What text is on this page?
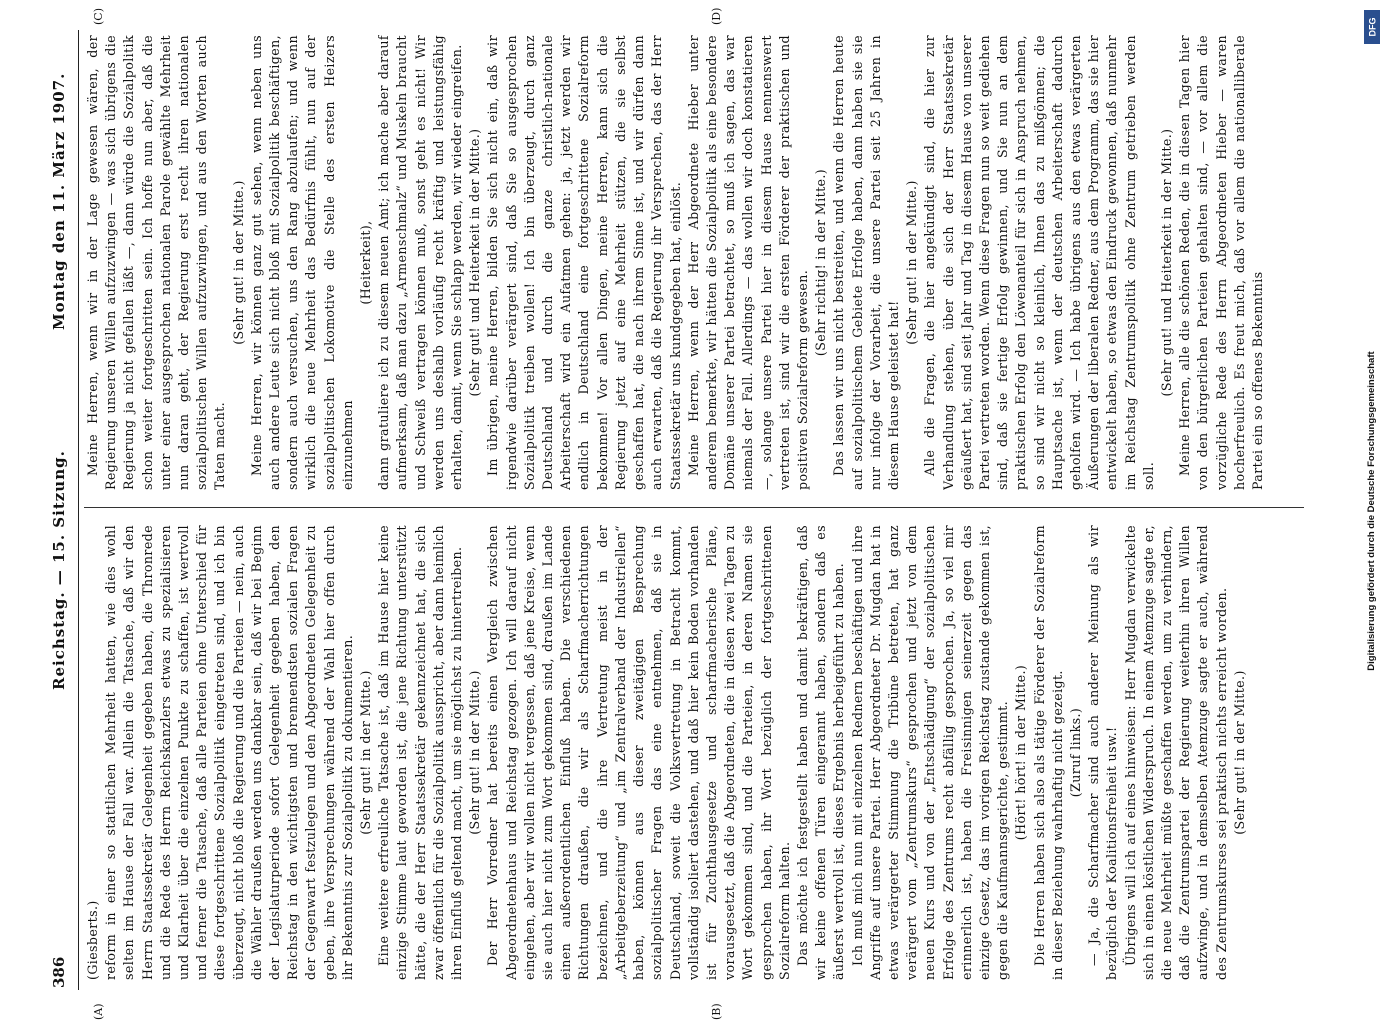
386
Reichstag. — 15. Sitzung.
Montag den 11. März 1907.
(A)	(B)
(C)	(D)

(Giesberts.) reform in einer so stattlichen Mehrheit hatten, wie dies wohl selten im Hause der Fall war. Allein die Tatsache, daß wir den Herrn Staatssekretär Gelegenheit gegeben haben, die Thronrede und die Rede des Herrn Reichskanzlers etwas zu spezialisieren und Klarheit über die einzelnen Punkte zu schaffen, ist wertvoll und ferner die Tatsache, daß alle Parteien ohne Unterschied für diese fortgeschrittene Sozialpolitik eingetreten sind, und ich bin überzeugt, nicht bloß die Regierung und die Parteien — nein, auch die Wähler draußen werden uns dankbar sein, daß wir bei Beginn der Legislaturperiode sofort Gelegenheit gegeben haben, den Reichstag in den wichtigsten und brennendsten sozialen Fragen der Gegenwart festzulegen und den Abgeordneten Gelegenheit zu geben, ihre Versprechungen während der Wahl hier offen durch ihr Bekenntnis zur Sozialpolitik zu dokumentieren. (Sehr gut! in der Mitte.) Eine weitere erfreuliche Tatsache ist, daß im Hause hier keine einzige Stimme laut geworden ist, die jene Richtung unterstützt hätte, die der Herr Staatssekretär gekennzeichnet hat, die sich zwar öffentlich für die Sozialpolitik ausspricht, aber dann heimlich ihren Einfluß geltend macht, um sie möglichst zu hintertreiben. (Sehr gut! in der Mitte.) Der Herr Vorredner hat bereits einen Vergleich zwischen Abgeordnetenhaus und Reichstag gezogen. Ich will darauf nicht eingehen, aber wir wollen nicht vergessen, daß jene Kreise, wenn sie auch hier nicht zum Wort gekommen sind, draußen im Lande einen außerordentlichen Einfluß haben. Die verschiedenen Richtungen draußen, die wir als Scharfmacherrichtungen bezeichnen, und die ihre Vertretung meist in der „Arbeitgeberzeitung“ und „im Zentralverband der Industriellen“ haben, können aus dieser zweitägigen Besprechung sozialpolitischer Fragen das eine entnehmen, daß sie in Deutschland, soweit die Volksvertretung in Betracht kommt, vollständig isoliert dastehen, und daß hier kein Boden vorhanden ist für Zuchthausgesetze und scharfmacherische Pläne, vorausgesetzt, daß die Abgeordneten, die in diesen zwei Tagen zu Wort gekommen sind, und die Parteien, in deren Namen sie gesprochen haben, ihr Wort bezüglich der fortgeschrittenen Sozialreform halten. Das möchte ich festgestellt haben und damit bekräftigen, daß wir keine offenen Türen eingerannt haben, sondern daß es äußerst wertvoll ist, dieses Ergebnis herbeigeführt zu haben. Ich muß mich nun mit einzelnen Rednern beschäftigen und ihre Angriffe auf unsere Partei. Herr Abgeordneter Dr. Mugdan hat in etwas verärgerter Stimmung die Tribüne betreten, hat ganz verärgert vom „Zentrumskurs“ gesprochen und jetzt von dem neuen Kurs und von der „Entschädigung“ der sozialpolitischen Erfolge des Zentrums recht abfällig gesprochen. Ja, so viel mir erinnerlich ist, haben die Freisinnigen seinerzeit gegen das einzige Gesetz, das im vorigen Reichstag zustande gekommen ist, gegen die Kaufmannsgerichte, gestimmt. (Hört! hört! in der Mitte.) Die Herren haben sich also als tätige Förderer der Sozialreform in dieser Beziehung wahrhaftig nicht gezeigt. (Zuruf links.) — Ja, die Scharfmacher sind auch anderer Meinung als wir bezüglich der Koalitionsfreiheit usw.! Übrigens will ich auf eines hinweisen: Herr Mugdan verwickelte sich in einen köstlichen Widerspruch. In einem Atemzuge sagte er, die neue Mehrheit müßte geschaffen werden, um zu verhindern, daß die Zentrumspartei der Regierung weiterhin ihren Willen aufzwinge, und in demselben Atemzuge sagte er auch, während des Zentrumskurses sei praktisch nichts erreicht worden. (Sehr gut! in der Mitte.)

Meine Herren, wenn wir in der Lage gewesen wären, der Regierung unseren Willen aufzuzwingen — was sich übrigens die Regierung ja nicht gefallen läßt —, dann würde die Sozialpolitik schon weiter fortgeschritten sein. Ich hoffe nun aber, daß die unter einer ausgesprochen nationalen Parole gewählte Mehrheit nun daran geht, der Regierung erst recht ihren nationalen sozialpolitischen Willen aufzuzwingen, und aus den Worten auch Taten macht.

(Sehr gut! in der Mitte.) Meine Herren, wir können ganz gut sehen, wenn neben uns auch andere Leute sich nicht bloß mit Sozialpolitik beschäftigen, sondern auch versuchen, uns den Rang abzulaufen; und wenn wirklich die neue Mehrheit das Bedürfnis fühlt, nun auf der sozialpolitischen Lokomotive die Stelle des ersten Heizers einzunehmen

(Heiterkeit), dann gratuliere ich zu diesem neuen Amt; ich mache aber darauf aufmerksam, daß man dazu „Armenschmalz“ und Muskeln braucht und Schweiß vertragen können muß, sonst geht es nicht! Wir werden uns deshalb vorläufig recht kräftig und leistungsfähig erhalten, damit, wenn Sie schlapp werden, wir wieder eingreifen. (Sehr gut! und Heiterkeit in der Mitte.) Im übrigen, meine Herren, bilden Sie sich nicht ein, daß wir irgendwie darüber verärgert sind, daß Sie so ausgesprochen Sozialpolitik treiben wollen! Ich bin überzeugt, durch ganz Deutschland und durch die ganze christlich-nationale Arbeiterschaft wird ein Aufatmen gehen: ja, jetzt werden wir endlich in Deutschland eine fortgeschrittene Sozialreform bekommen! Vor allen Dingen, meine Herren, kann sich die Regierung jetzt auf eine Mehrheit stützen, die sie selbst geschaffen hat, die nach ihrem Sinne ist, und wir dürfen dann auch erwarten, daß die Regierung ihr Versprechen, das der Herr Staatssekretär uns kundgegeben hat, einlöst. Meine Herren, wenn der Herr Abgeordnete Hieber unter anderem bemerkte, wir hätten die Sozialpolitik als eine besondere Domäne unserer Partei betrachtet, so muß ich sagen, das war niemals der Fall. Allerdings — das wollen wir doch konstatieren —, solange unsere Partei hier in diesem Hause nennenswert vertreten ist, sind wir die ersten Förderer der praktischen und positiven Sozialreform gewesen.

(Sehr richtig! in der Mitte.) Das lassen wir uns nicht bestreiten, und wenn die Herren heute auf sozialpolitischem Gebiete Erfolge haben, dann haben sie sie nur infolge der Vorarbeit, die unsere Partei seit 25 Jahren in diesem Hause geleistet hat!

(Sehr gut! in der Mitte.) Alle die Fragen, die hier angekündigt sind, die hier zur Verhandlung stehen, über die sich der Herr Staatssekretär geäußert hat, sind seit Jahr und Tag in diesem Hause von unserer Partei vertreten worden. Wenn diese Fragen nun so weit gediehen sind, daß sie fertige Erfolg gewinnen, und Sie nun an dem praktischen Erfolg den Löwenanteil für sich in Anspruch nehmen, so sind wir nicht so kleinlich, Ihnen das zu mißgönnen; die Hauptsache ist, wenn der deutschen Arbeiterschaft dadurch geholfen wird. — Ich habe übrigens aus den etwas verärgerten Äußerungen der liberalen Redner, aus dem Programm, das sie hier entwickelt haben, so etwas den Eindruck gewonnen, daß nunmehr im Reichstag Zentrumspolitik ohne Zentrum getrieben werden soll.

(Sehr gut! und Heiterkeit in der Mitte.) Meine Herren, alle die schönen Reden, die in diesen Tagen hier von den bürgerlichen Parteien gehalten sind, — vor allem die vorzügliche Rede des Herrn Abgeordneten Hieber — waren hocherfreulich. Es freut mich, daß vor allem die nationalliberale Partei ein so offenes Bekenntnis

DFG
Digitalisierung gefördert durch die Deutsche Forschungsgemeinschaft
